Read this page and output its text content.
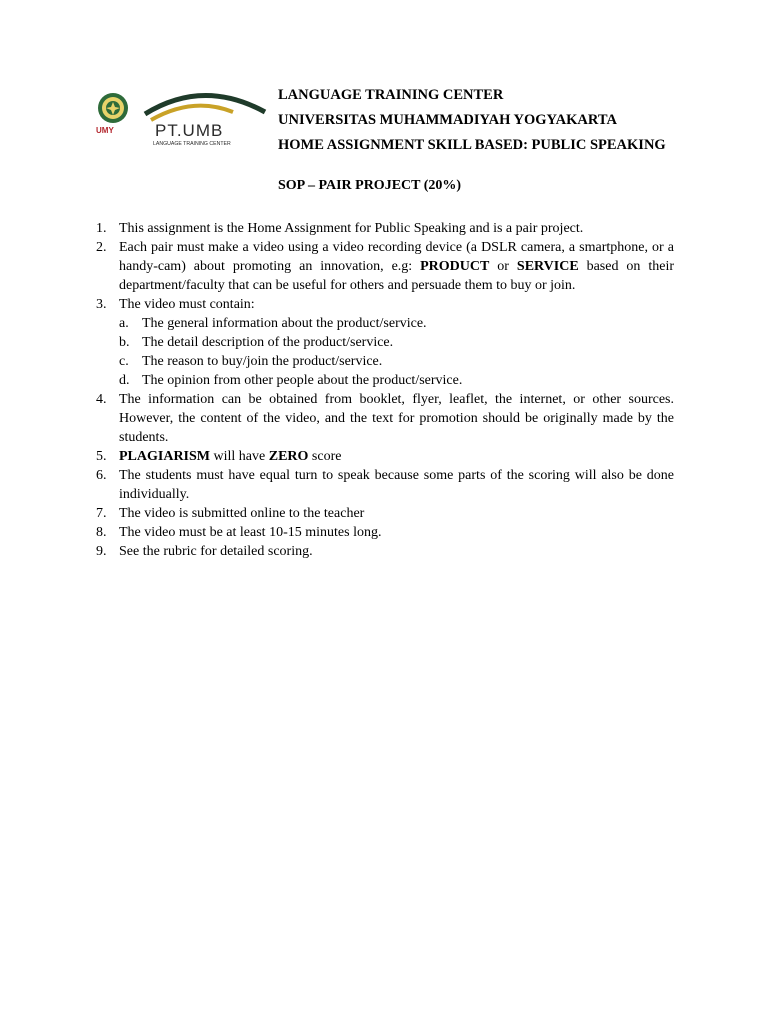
UMY PT.UMB
LANGUAGE TRAINING CENTER
LANGUAGE TRAINING CENTER
UNIVERSITAS MUHAMMADIYAH YOGYAKARTA
HOME ASSIGNMENT SKILL BASED: PUBLIC SPEAKING
SOP – PAIR PROJECT (20%)
1. This assignment is the Home Assignment for Public Speaking and is a pair project.
2. Each pair must make a video using a video recording device (a DSLR camera, a smartphone, or a handy-cam) about promoting an innovation, e.g: PRODUCT or SERVICE based on their department/faculty that can be useful for others and persuade them to buy or join.
3. The video must contain:
a. The general information about the product/service.
b. The detail description of the product/service.
c. The reason to buy/join the product/service.
d. The opinion from other people about the product/service.
4. The information can be obtained from booklet, flyer, leaflet, the internet, or other sources. However, the content of the video, and the text for promotion should be originally made by the students.
5. PLAGIARISM will have ZERO score
6. The students must have equal turn to speak because some parts of the scoring will also be done individually.
7. The video is submitted online to the teacher
8. The video must be at least 10-15 minutes long.
9. See the rubric for detailed scoring.
